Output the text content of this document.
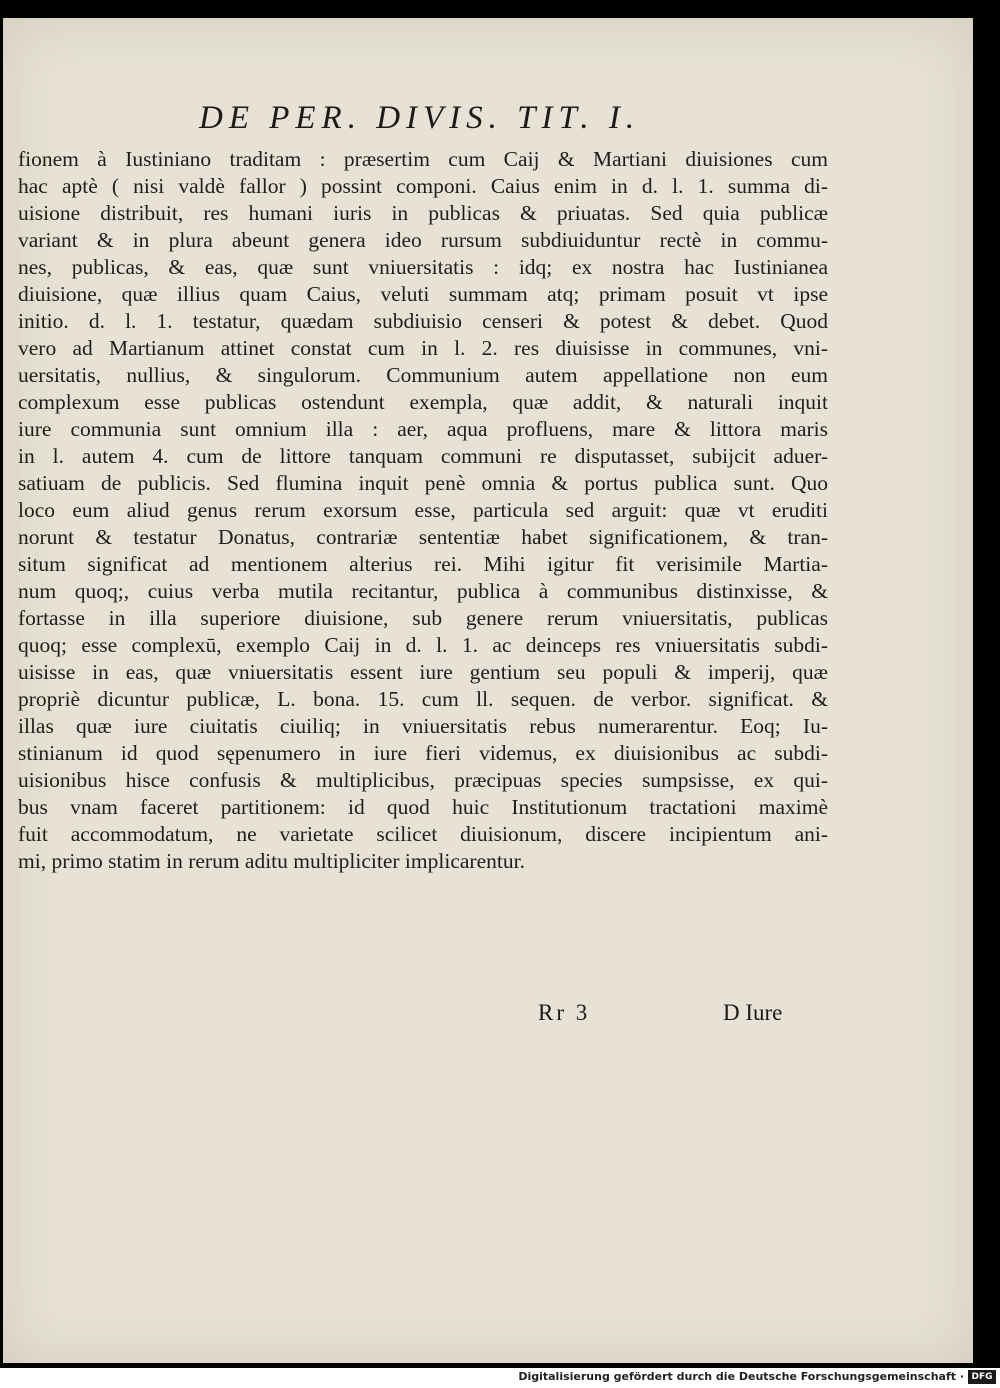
DE PER. DIVIS. TIT. I.
fionem à Iustiniano traditam : præsertim cum Caij & Martiani diuisiones cum
hac aptè ( nisi valdè fallor ) possint componi. Caius enim in d. l. 1. summa di-
uisione distribuit, res humani iuris in publicas & priuatas. Sed quia publicæ
variant & in plura abeunt genera ideo rursum subdiuiduntur rectè in commu-
nes, publicas, & eas, quæ sunt vniuersitatis : idq; ex nostra hac Iustinianea
diuisione, quæ illius quam Caius, veluti summam atq; primam posuit vt ipse
initio. d. l. 1. testatur, quædam subdiuisio censeri & potest & debet. Quod
vero ad Martianum attinet constat cum in l. 2. res diuisisse in communes, vni-
uersitatis, nullius, & singulorum. Communium autem appellatione non eum
complexum esse publicas ostendunt exempla, quæ addit, & naturali inquit
iure communia sunt omnium illa : aer, aqua profluens, mare & littora maris
in l. autem 4. cum de littore tanquam communi re disputasset, subijcit aduer-
satiuam de publicis. Sed flumina inquit penè omnia & portus publica sunt. Quo
loco eum aliud genus rerum exorsum esse, particula sed arguit: quæ vt eruditi
norunt & testatur Donatus, contrariæ sententiæ habet significationem, & tran-
situm significat ad mentionem alterius rei. Mihi igitur fit verisimile Martia-
num quoq;, cuius verba mutila recitantur, publica à communibus distinxisse, &
fortasse in illa superiore diuisione, sub genere rerum vniuersitatis, publicas
quoq; esse complexū, exemplo Caij in d. l. 1. ac deinceps res vniuersitatis subdi-
uisisse in eas, quæ vniuersitatis essent iure gentium seu populi & imperij, quæ
propriè dicuntur publicæ, L. bona. 15. cum ll. sequen. de verbor. significat. &
illas quæ iure ciuitatis ciuiliq; in vniuersitatis rebus numerarentur. Eoq; Iu-
stinianum id quod sępenumero in iure fieri videmus, ex diuisionibus ac subdi-
uisionibus hisce confusis & multiplicibus, præcipuas species sumpsisse, ex qui-
bus vnam faceret partitionem: id quod huic Institutionum tractationi maximè
fuit accommodatum, ne varietate scilicet diuisionum, discere incipientum ani-
mi, primo statim in rerum aditu multipliciter implicarentur.
Rr 3	D Iure
Digitalisierung gefördert durch die Deutsche Forschungsgemeinschaft · DFG
